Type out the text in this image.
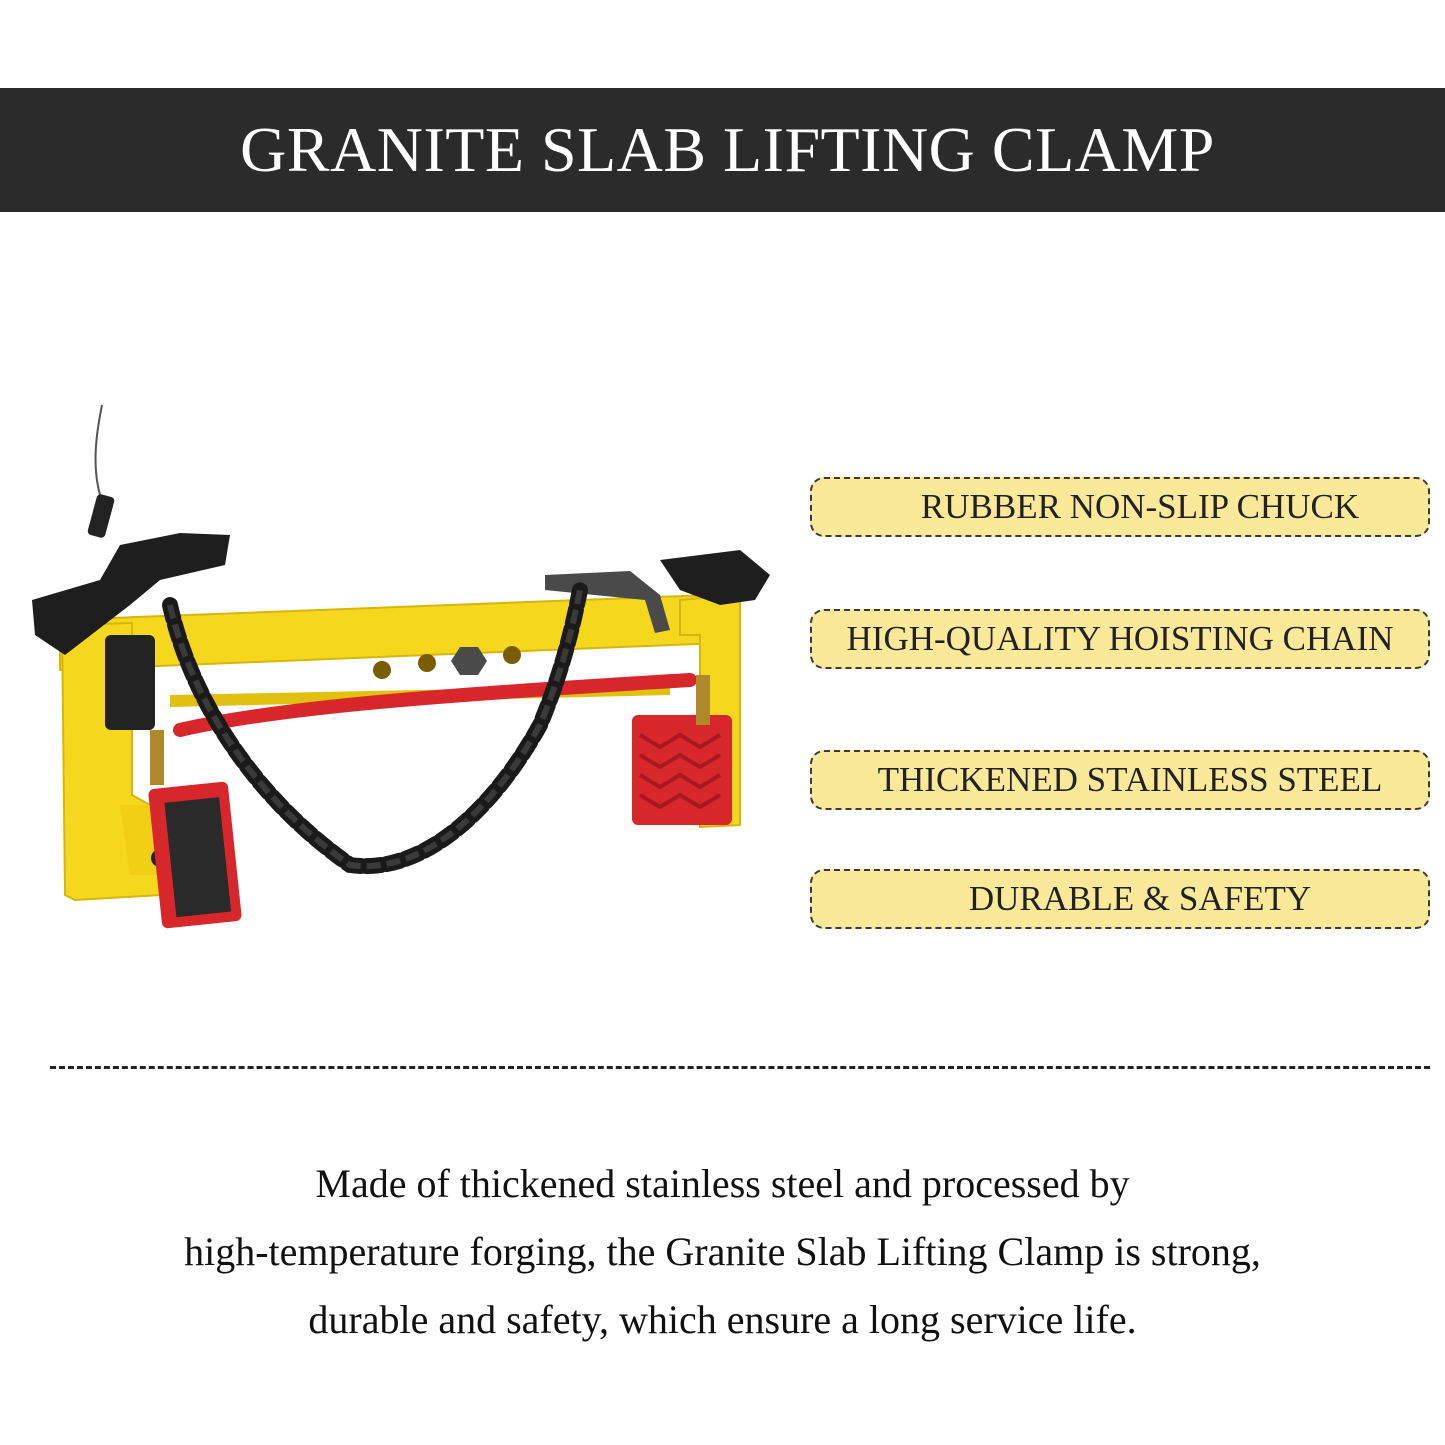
GRANITE SLAB LIFTING CLAMP
RUBBER NON-SLIP CHUCK
HIGH-QUALITY HOISTING CHAIN
THICKENED STAINLESS STEEL
DURABLE & SAFETY
Made of thickened stainless steel and processed by
high-temperature forging, the Granite Slab Lifting Clamp is strong,
durable and safety, which ensure a long service life.
